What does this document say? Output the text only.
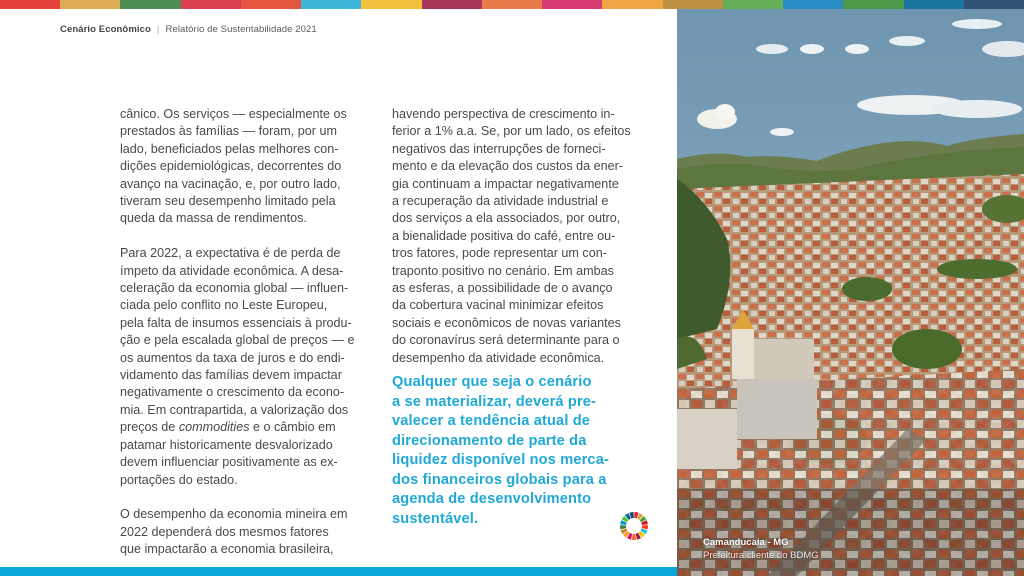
Cenário Econômico | Relatório de Sustentabilidade 2021

cânico. Os serviços — especialmente os
prestados às famílias — foram, por um
lado, beneficiados pelas melhores con-
dições epidemiológicas, decorrentes do
avanço na vacinação, e, por outro lado,
tiveram seu desempenho limitado pela
queda da massa de rendimentos.

Para 2022, a expectativa é de perda de
ímpeto da atividade econômica. A desa-
celeração da economia global — influen-
ciada pelo conflito no Leste Europeu,
pela falta de insumos essenciais à produ-
ção e pela escalada global de preços — e
os aumentos da taxa de juros e do endi-
vidamento das famílias devem impactar
negativamente o crescimento da econo-
mia. Em contrapartida, a valorização dos
preços de commodities e o câmbio em
patamar historicamente desvalorizado
devem influenciar positivamente as ex-
portações do estado.

O desempenho da economia mineira em
2022 dependerá dos mesmos fatores
que impactarão a economia brasileira,

havendo perspectiva de crescimento in-
ferior a 1% a.a. Se, por um lado, os efeitos
negativos das interrupções de forneci-
mento e da elevação dos custos da ener-
gia continuam a impactar negativamente
a recuperação da atividade industrial e
dos serviços a ela associados, por outro,
a bienalidade positiva do café, entre ou-
tros fatores, pode representar um con-
traponto positivo no cenário. Em ambas
as esferas, a possibilidade de o avanço
da cobertura vacinal minimizar efeitos
sociais e econômicos de novas variantes
do coronavírus será determinante para o
desempenho da atividade econômica.

Qualquer que seja o cenário
a se materializar, deverá pre-
valecer a tendência atual de
direcionamento de parte da
liquidez disponível nos merca-
dos financeiros globais para a
agenda de desenvolvimento
sustentável.
Camanducaia - MG
Prefeitura cliente do BDMG
